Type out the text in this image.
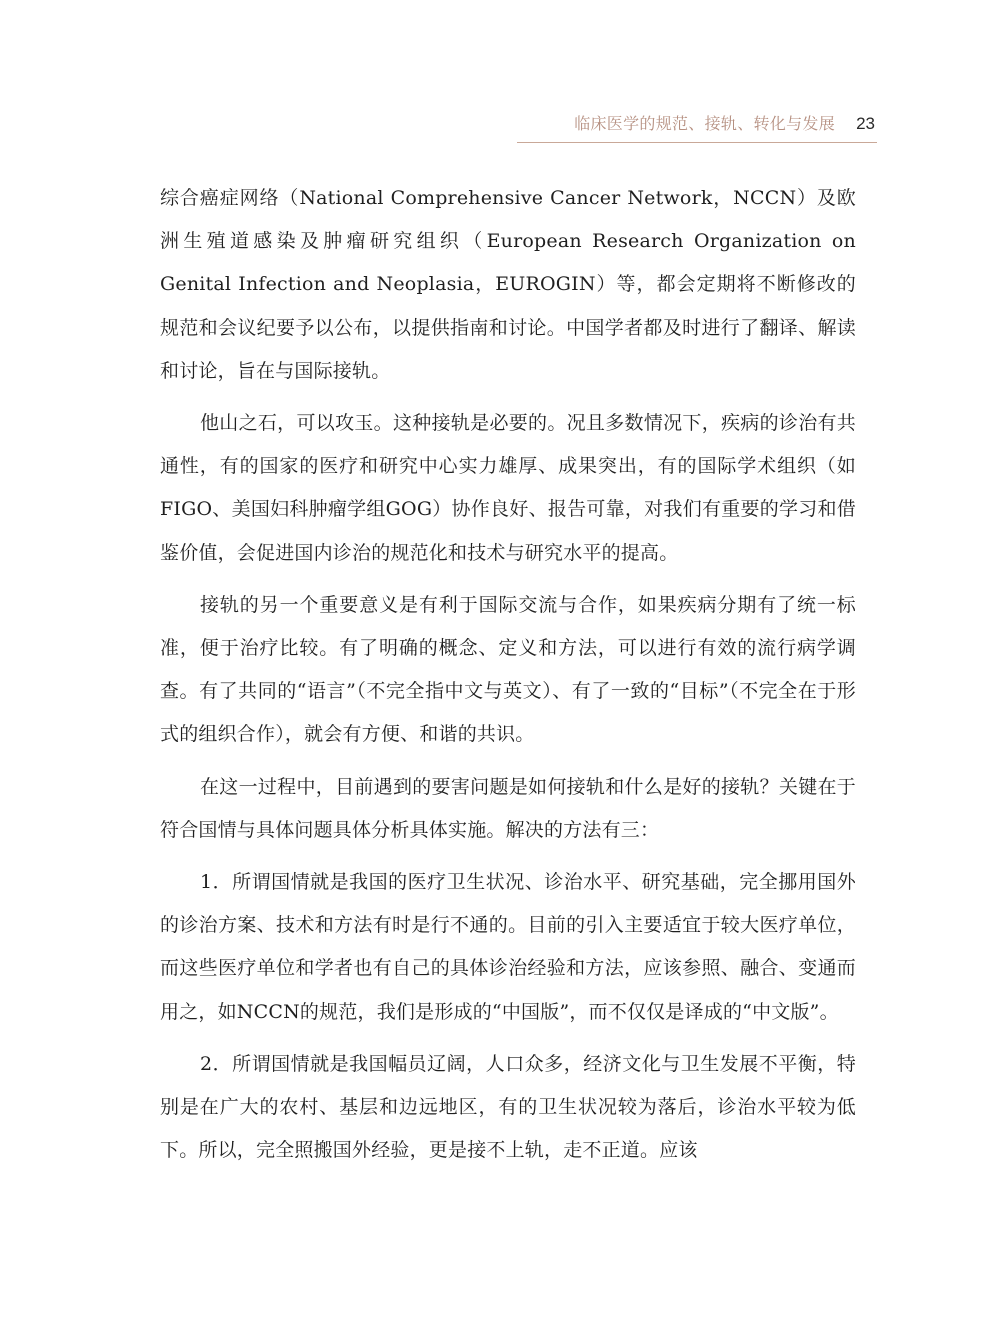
临床医学的规范、接轨、转化与发展 23

综合癌症网络（National Comprehensive Cancer Network，NCCN）及欧洲生殖道感染及肿瘤研究组织（European Research Organization on Genital Infection and Neoplasia，EUROGIN）等，都会定期将不断修改的规范和会议纪要予以公布，以提供指南和讨论。中国学者都及时进行了翻译、解读和讨论，旨在与国际接轨。

他山之石，可以攻玉。这种接轨是必要的。况且多数情况下，疾病的诊治有共通性，有的国家的医疗和研究中心实力雄厚、成果突出，有的国际学术组织（如FIGO、美国妇科肿瘤学组GOG）协作良好、报告可靠，对我们有重要的学习和借鉴价值，会促进国内诊治的规范化和技术与研究水平的提高。

接轨的另一个重要意义是有利于国际交流与合作，如果疾病分期有了统一标准，便于治疗比较。有了明确的概念、定义和方法，可以进行有效的流行病学调查。有了共同的“语言”（不完全指中文与英文）、有了一致的“目标”（不完全在于形式的组织合作），就会有方便、和谐的共识。

在这一过程中，目前遇到的要害问题是如何接轨和什么是好的接轨？关键在于符合国情与具体问题具体分析具体实施。解决的方法有三：

1．所谓国情就是我国的医疗卫生状况、诊治水平、研究基础，完全挪用国外的诊治方案、技术和方法有时是行不通的。目前的引入主要适宜于较大医疗单位，而这些医疗单位和学者也有自己的具体诊治经验和方法，应该参照、融合、变通而用之，如NCCN的规范，我们是形成的“中国版”，而不仅仅是译成的“中文版”。

2．所谓国情就是我国幅员辽阔，人口众多，经济文化与卫生发展不平衡，特别是在广大的农村、基层和边远地区，有的卫生状况较为落后，诊治水平较为低下。所以，完全照搬国外经验，更是接不上轨，走不正道。应该
